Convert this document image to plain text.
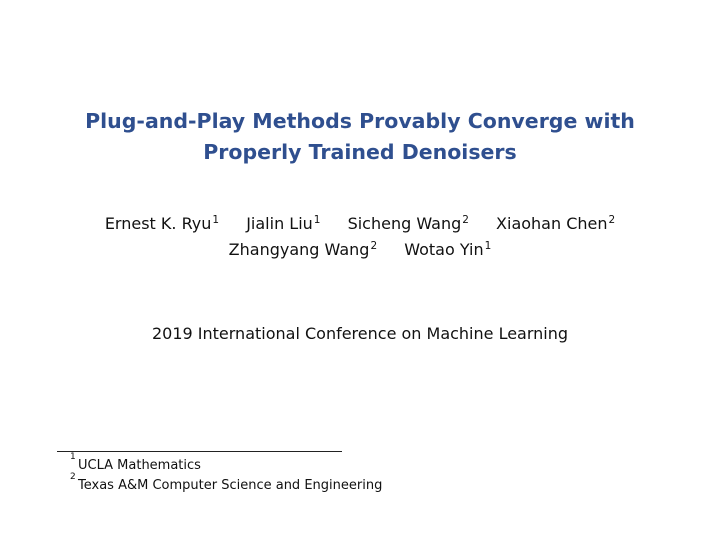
Plug-and-Play Methods Provably Converge with
Properly Trained Denoisers
Ernest K. Ryu$^1$ Jialin Liu$^1$ Sicheng Wang$^2$ Xiaohan Chen$^2$
Zhangyang Wang$^2$ Wotao Yin$^1$
2019 International Conference on Machine Learning
1
UCLA Mathematics
2
Texas A&M Computer Science and Engineering
